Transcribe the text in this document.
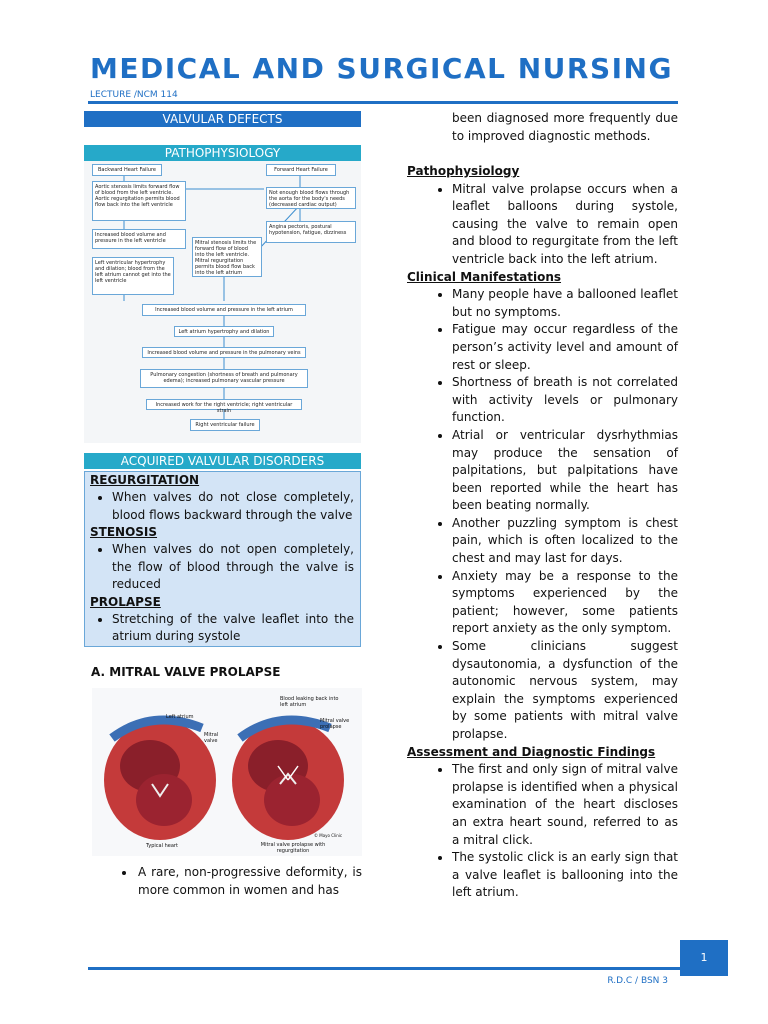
MEDICAL AND SURGICAL NURSING
LECTURE /NCM 114
VALVULAR DEFECTS
PATHOPHYSIOLOGY
Backward Heart Failure	Forward Heart Failure
Aortic stenosis limits forward flow of blood from the left ventricle. Aortic regurgitation permits blood flow back into the left ventricle
Not enough blood flows through the aorta for the body's needs (decreased cardiac output)
Increased blood volume and pressure in the left ventricle
Angina pectoris, postural hypotension, fatigue, dizziness
Left ventricular hypertrophy and dilation; blood from the left atrium cannot get into the left ventricle
Mitral stenosis limits the forward flow of blood into the left ventricle. Mitral regurgitation permits blood flow back into the left atrium
Increased blood volume and pressure in the left atrium
Left atrium hypertrophy and dilation
Increased blood volume and pressure in the pulmonary veins
Pulmonary congestion (shortness of breath and pulmonary edema); increased pulmonary vascular pressure
Increased work for the right ventricle; right ventricular strain
Right ventricular failure
ACQUIRED VALVULAR DISORDERS
REGURGITATION
• When valves do not close completely, blood flows backward through the valve
STENOSIS
• When valves do not open completely, the flow of blood through the valve is reduced
PROLAPSE
• Stretching of the valve leaflet into the atrium during systole
A. MITRAL VALVE PROLAPSE
Left atrium
Mitral valve
Blood leaking back into left atrium
Mitral valve prolapse
© Mayo Clinic
Typical heart	Mitral valve prolapse with regurgitation
• A rare, non-progressive deformity, is more common in women and has
been diagnosed more frequently due to improved diagnostic methods.
Pathophysiology
• Mitral valve prolapse occurs when a leaflet balloons during systole, causing the valve to remain open and blood to regurgitate from the left ventricle back into the left atrium.
Clinical Manifestations
• Many people have a ballooned leaflet but no symptoms.
• Fatigue may occur regardless of the person’s activity level and amount of rest or sleep.
• Shortness of breath is not correlated with activity levels or pulmonary function.
• Atrial or ventricular dysrhythmias may produce the sensation of palpitations, but palpitations have been reported while the heart has been beating normally.
• Another puzzling symptom is chest pain, which is often localized to the chest and may last for days.
• Anxiety may be a response to the symptoms experienced by the patient; however, some patients report anxiety as the only symptom.
• Some clinicians suggest dysautonomia, a dysfunction of the autonomic nervous system, may explain the symptoms experienced by some patients with mitral valve prolapse.
Assessment and Diagnostic Findings
• The first and only sign of mitral valve prolapse is identified when a physical examination of the heart discloses an extra heart sound, referred to as a mitral click.
• The systolic click is an early sign that a valve leaflet is ballooning into the left atrium.
1
R.D.C / BSN 3
